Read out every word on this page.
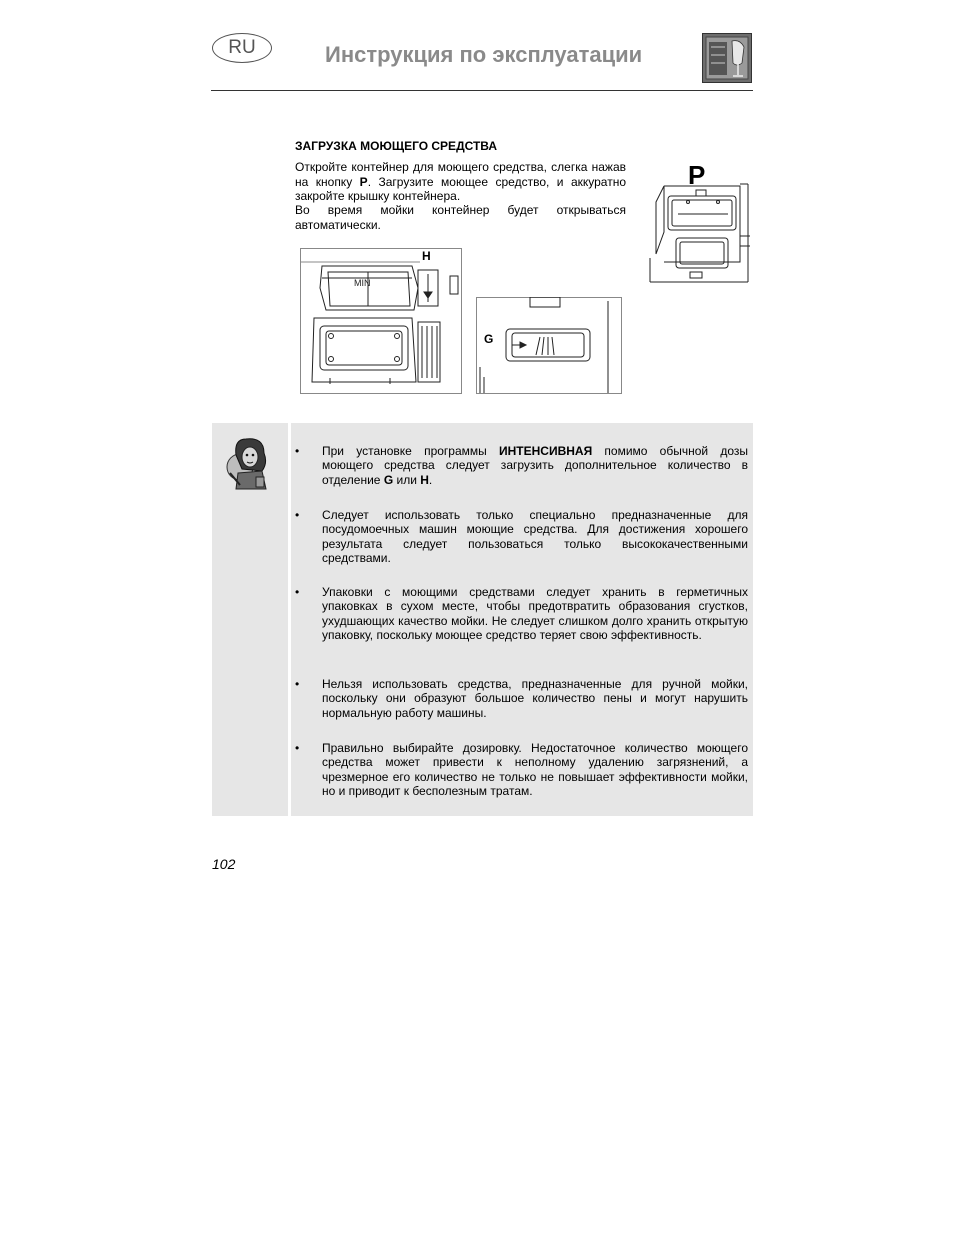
RU	Инструкция по эксплуатации
ЗАГРУЗКА МОЮЩЕГО СРЕДСТВА
Откройте контейнер для моющего средства, слегка нажав на кнопку P. Загрузите моющее средство, и аккуратно закройте крышку контейнера.
Во время мойки контейнер будет открываться автоматически.
P
MIN
H
G
•	При установке программы ИНТЕНСИВНАЯ помимо обычной дозы моющего средства следует загрузить дополнительное количество в отделение G или H.
•	Следует использовать только специально предназначенные для посудомоечных машин моющие средства. Для достижения хорошего результата следует пользоваться только высококачественными средствами.
•	Упаковки с моющими средствами следует хранить в герметичных упаковках в сухом месте, чтобы предотвратить образования сгустков, ухудшающих качество мойки. Не следует слишком долго хранить открытую упаковку, поскольку моющее средство теряет свою эффективность.
•	Нельзя использовать средства, предназначенные для ручной мойки, поскольку они образуют большое количество пены и могут нарушить нормальную работу машины.
•	Правильно выбирайте дозировку. Недостаточное количество моющего средства может привести к неполному удалению загрязнений, а чрезмерное его количество не только не повышает эффективности мойки, но и приводит к бесполезным тратам.
102
